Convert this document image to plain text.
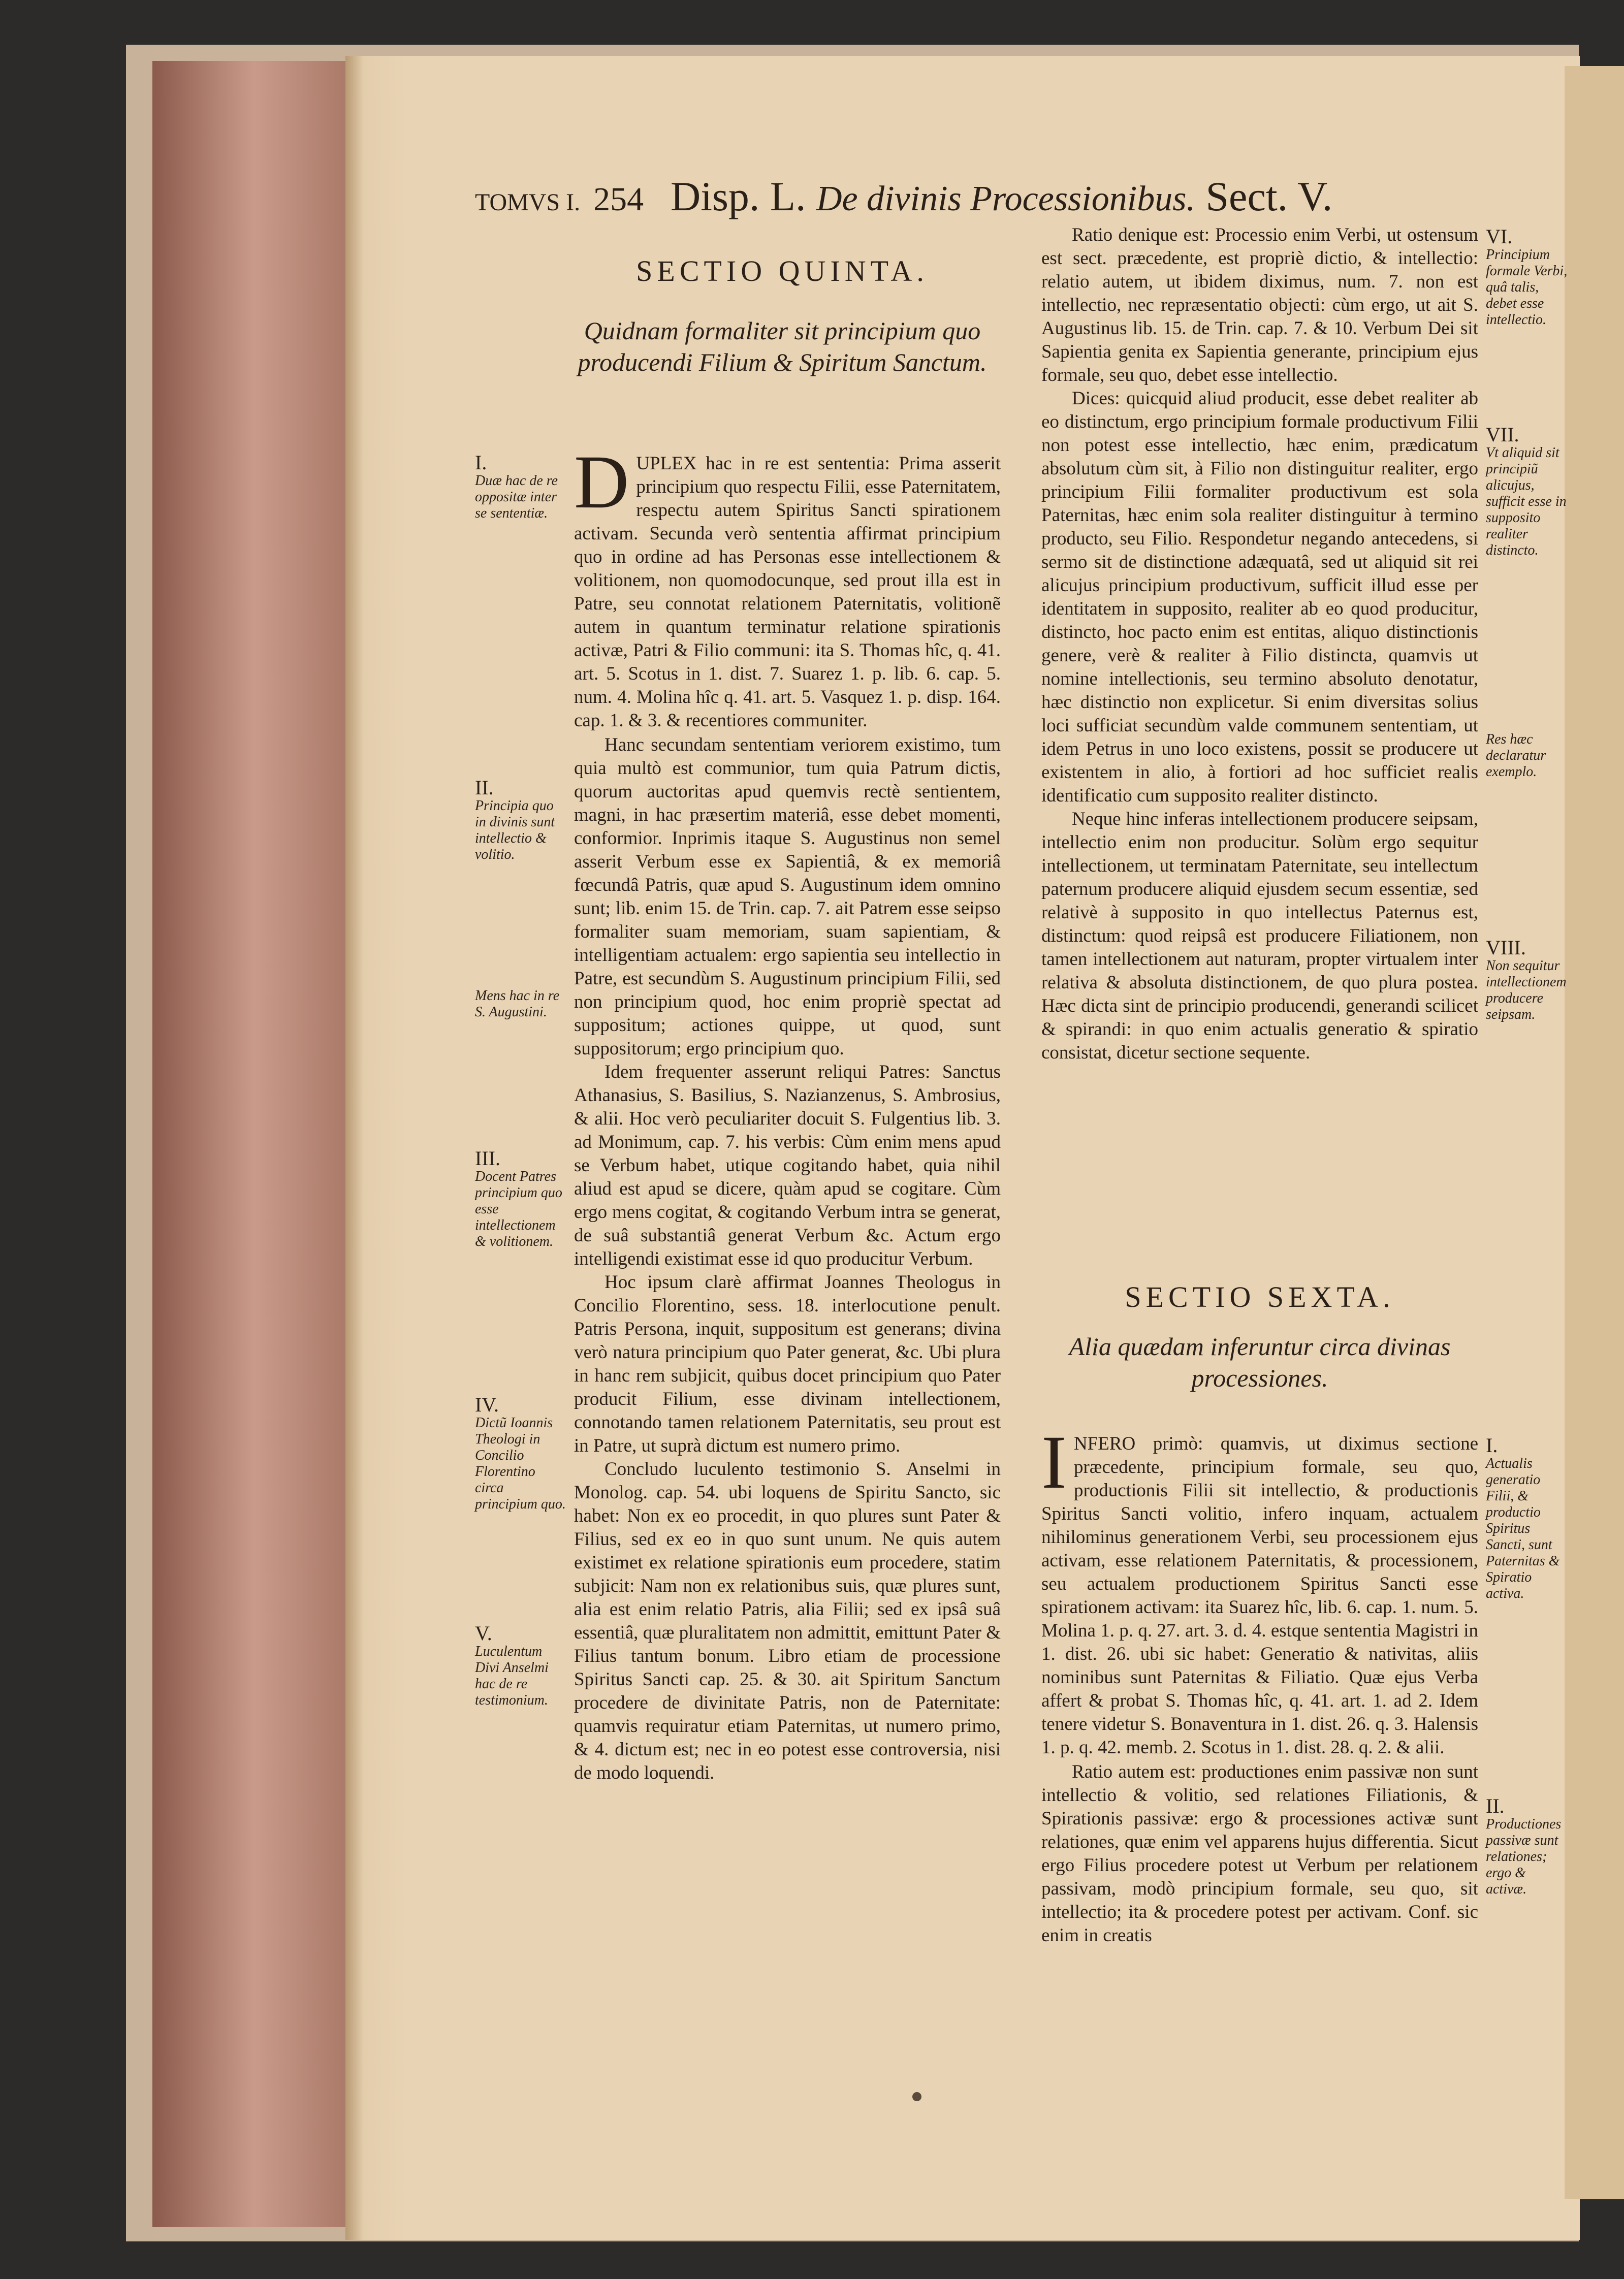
TOMVS I. 254 Disp. L. De divinis Processionibus. Sect. V.
SECTIO QUINTA.
Quidnam formaliter sit principium quo producendi Filium & Spiritum Sanctum.

DUPLEX hac in re est sententia: Prima asserit principium quo respectu Filii, esse Paternitatem, respectu autem Spiritus Sancti spirationem activam. Secunda verò sententia affirmat principium quo in ordine ad has Personas esse intellectionem & volitionem, non quomodocunque, sed prout illa est in Patre, seu connotat relationem Paternitatis, volitionẽ autem in quantum terminatur relatione spirationis activæ, Patri & Filio communi: ita S. Thomas hîc, q. 41. art. 5. Scotus in 1. dist. 7. Suarez 1. p. lib. 6. cap. 5. num. 4. Molina hîc q. 41. art. 5. Vasquez 1. p. disp. 164. cap. 1. & 3. & recentiores communiter.

Hanc secundam sententiam veriorem existimo, tum quia multò est communior, tum quia Patrum dictis, quorum auctoritas apud quemvis rectè sentientem, magni, in hac præsertim materiâ, esse debet momenti, conformior. Inprimis itaque S. Augustinus non semel asserit Verbum esse ex Sapientiâ, & ex memoriâ fœcundâ Patris, quæ apud S. Augustinum idem omnino sunt; lib. enim 15. de Trin. cap. 7. ait Patrem esse seipso formaliter suam memoriam, suam sapientiam, & intelligentiam actualem: ergo sapientia seu intellectio in Patre, est secundùm S. Augustinum principium Filii, sed non principium quod, hoc enim propriè spectat ad suppositum; actiones quippe, ut quod, sunt suppositorum; ergo principium quo.

Idem frequenter asserunt reliqui Patres: Sanctus Athanasius, S. Basilius, S. Nazianzenus, S. Ambrosius, & alii. Hoc verò peculiariter docuit S. Fulgentius lib. 3. ad Monimum, cap. 7. his verbis: Cùm enim mens apud se Verbum habet, utique cogitando habet, quia nihil aliud est apud se dicere, quàm apud se cogitare. Cùm ergo mens cogitat, & cogitando Verbum intra se generat, de suâ substantiâ generat Verbum &c. Actum ergo intelligendi existimat esse id quo producitur Verbum.

Hoc ipsum clarè affirmat Joannes Theologus in Concilio Florentino, sess. 18. interlocutione penult. Patris Persona, inquit, suppositum est generans; divina verò natura principium quo Pater generat, &c. Ubi plura in hanc rem subjicit, quibus docet principium quo Pater producit Filium, esse divinam intellectionem, connotando tamen relationem Paternitatis, seu prout est in Patre, ut suprà dictum est numero primo.

Concludo luculento testimonio S. Anselmi in Monolog. cap. 54. ubi loquens de Spiritu Sancto, sic habet: Non ex eo procedit, in quo plures sunt Pater & Filius, sed ex eo in quo sunt unum. Ne quis autem existimet ex relatione spirationis eum procedere, statim subjicit: Nam non ex relationibus suis, quæ plures sunt, alia est enim relatio Patris, alia Filii; sed ex ipsâ suâ essentiâ, quæ pluralitatem non admittit, emittunt Pater & Filius tantum bonum. Libro etiam de processione Spiritus Sancti cap. 25. & 30. ait Spiritum Sanctum procedere de divinitate Patris, non de Paternitate: quamvis requiratur etiam Paternitas, ut numero primo, & 4. dictum est; nec in eo potest esse controversia, nisi de modo loquendi.

I.
Duæ hac de re oppositæ inter se sententiæ.
II.
Principia quo in divinis sunt intellectio & volitio.
Mens hac in re S. Augustini.
III.
Docent Patres principium quo esse intellectionem & volitionem.
IV.
Dictũ Ioannis Theologi in Concilio Florentino circa principium quo.
V.
Luculentum Divi Anselmi hac de re testimonium.

Ratio denique est: Processio enim Verbi, ut ostensum est sect. præcedente, est propriè dictio, & intellectio: relatio autem, ut ibidem diximus, num. 7. non est intellectio, nec repræsentatio objecti: cùm ergo, ut ait S. Augustinus lib. 15. de Trin. cap. 7. & 10. Verbum Dei sit Sapientia genita ex Sapientia generante, principium ejus formale, seu quo, debet esse intellectio.

Dices: quicquid aliud producit, esse debet realiter ab eo distinctum, ergo principium formale productivum Filii non potest esse intellectio, hæc enim, prædicatum absolutum cùm sit, à Filio non distinguitur realiter, ergo principium Filii formaliter productivum est sola Paternitas, hæc enim sola realiter distinguitur à termino producto, seu Filio. Respondetur negando antecedens, si sermo sit de distinctione adæquatâ, sed ut aliquid sit rei alicujus principium productivum, sufficit illud esse per identitatem in supposito, realiter ab eo quod producitur, distincto, hoc pacto enim est entitas, aliquo distinctionis genere, verè & realiter à Filio distincta, quamvis ut nomine intellectionis, seu termino absoluto denotatur, hæc distinctio non explicetur. Si enim diversitas solius loci sufficiat secundùm valde communem sententiam, ut idem Petrus in uno loco existens, possit se producere ut existentem in alio, à fortiori ad hoc sufficiet realis identificatio cum supposito realiter distincto.

Neque hinc inferas intellectionem producere seipsam, intellectio enim non producitur. Solùm ergo sequitur intellectionem, ut terminatam Paternitate, seu intellectum paternum producere aliquid ejusdem secum essentiæ, sed relativè à supposito in quo intellectus Paternus est, distinctum: quod reipsâ est producere Filiationem, non tamen intellectionem aut naturam, propter virtualem inter relativa & absoluta distinctionem, de quo plura postea. Hæc dicta sint de principio producendi, generandi scilicet & spirandi: in quo enim actualis generatio & spiratio consistat, dicetur sectione sequente.

SECTIO SEXTA.
Alia quædam inferuntur circa divinas processiones.

INFERO primò: quamvis, ut diximus sectione præcedente, principium formale, seu quo, productionis Filii sit intellectio, & productionis Spiritus Sancti volitio, infero inquam, actualem nihilominus generationem Verbi, seu processionem ejus activam, esse relationem Paternitatis, & processionem, seu actualem productionem Spiritus Sancti esse spirationem activam: ita Suarez hîc, lib. 6. cap. 1. num. 5. Molina 1. p. q. 27. art. 3. d. 4. estque sententia Magistri in 1. dist. 26. ubi sic habet: Generatio & nativitas, aliis nominibus sunt Paternitas & Filiatio. Quæ ejus Verba affert & probat S. Thomas hîc, q. 41. art. 1. ad 2. Idem tenere videtur S. Bonaventura in 1. dist. 26. q. 3. Halensis 1. p. q. 42. memb. 2. Scotus in 1. dist. 28. q. 2. & alii.

Ratio autem est: productiones enim passivæ non sunt intellectio & volitio, sed relationes Filiationis, & Spirationis passivæ: ergo & processiones activæ sunt relationes, quæ enim vel apparens hujus differentia. Sicut ergo Filius procedere potest ut Verbum per relationem passivam, modò principium formale, seu quo, sit intellectio; ita & procedere potest per activam. Conf. sic enim in creatis

VI.
Principium formale Verbi, quâ talis, debet esse intellectio.
VII.
Vt aliquid sit principiũ alicujus, sufficit esse in supposito realiter distincto.
Res hæc declaratur exemplo.
VIII.
Non sequitur intellectionem producere seipsam.
I.
Actualis generatio Filii, & productio Spiritus Sancti, sunt Paternitas & Spiratio activa.
II.
Productiones passivæ sunt relationes; ergo & activæ.
